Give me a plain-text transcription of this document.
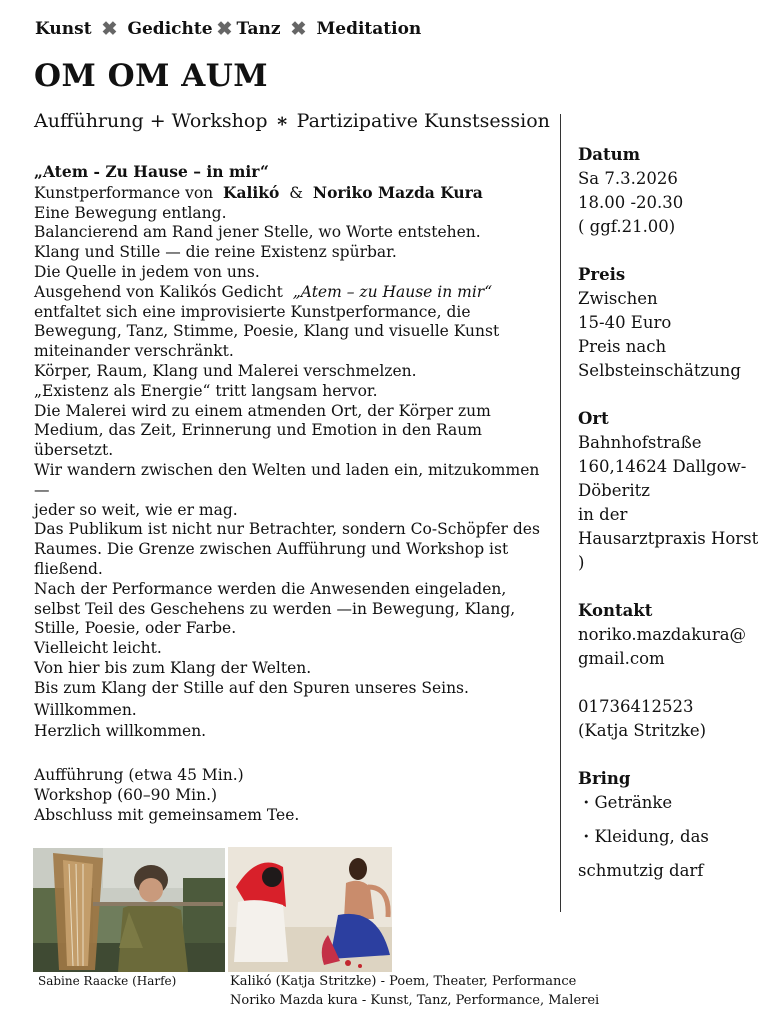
Kunst ✖ Gedichte ✖ Tanz ✖ Meditation
OM OM AUM
Aufführung + Workshop ∗ Partizipative Kunstsession
„Atem - Zu Hause – in mir“
Kunstperformance von Kalikó & Noriko Mazda Kura
Eine Bewegung entlang.
Balancierend am Rand jener Stelle, wo Worte entstehen.
Klang und Stille — die reine Existenz spürbar.
Die Quelle in jedem von uns.
Ausgehend von Kalikós Gedicht „Atem – zu Hause in mir“  entfaltet sich eine improvisierte Kunstperformance, die Bewegung, Tanz, Stimme, Poesie, Klang und visuelle Kunst miteinander verschränkt.
Körper, Raum, Klang und Malerei verschmelzen.
„Existenz als Energie“ tritt langsam hervor.
Die Malerei wird zu einem atmenden Ort, der Körper zum Medium, das Zeit, Erinnerung und Emotion in den Raum übersetzt.
Wir wandern zwischen den Welten und laden ein, mitzukommen —
jeder so weit, wie er mag.
Das Publikum ist nicht nur Betrachter, sondern Co-Schöpfer des Raumes. Die Grenze zwischen Aufführung und Workshop ist fließend.
Nach der Performance werden die Anwesenden eingeladen, selbst Teil des Geschehens zu werden —in Bewegung, Klang, Stille, Poesie, oder Farbe.
Vielleicht leicht.
Von hier bis zum Klang der Welten.
Bis zum Klang der Stille auf den Spuren unseres Seins.
Willkommen.
Herzlich willkommen.
Aufführung (etwa 45 Min.)
Workshop (60–90 Min.)
Abschluss mit gemeinsamem Tee.
Datum
Sa 7.3.2026
18.00 -20.30
( ggf.21.00)
Preis
Zwischen
15-40 Euro
Preis nach
Selbsteinschätzung
Ort
Bahnhofstraße
160,14624 Dallgow-
Döberitz
in der
Hausarztpraxis Horst
)
Kontakt
noriko.mazdakura@
gmail.com
01736412523
(Katja Stritzke)
Bring
・Getränke
・Kleidung, das
schmutzig darf
Sabine Raacke (Harfe)	Kalikó (Katja Stritzke) - Poem, Theater, Performance
Noriko Mazda kura - Kunst, Tanz, Performance, Malerei
